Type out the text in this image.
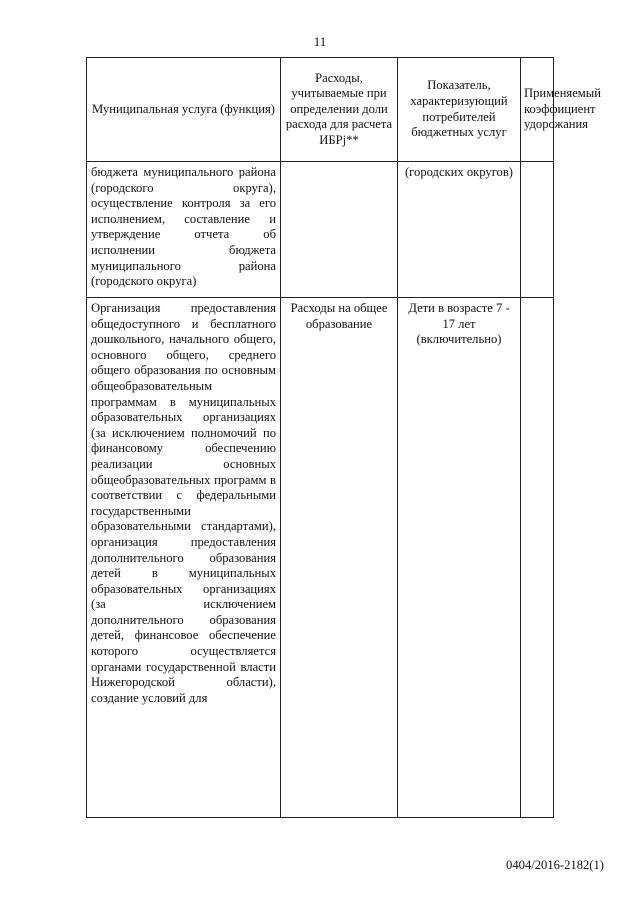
11
Муниципальная услуга (функция)	Расходы, учитываемые при определении доли расхода для расчета ИБРj**	Показатель, характеризующий потребителей бюджетных услуг	Применяемый коэффициент удорожания
бюджета муниципального района (городского округа), осуществление контроля за его исполнением, составление и утверждение отчета об исполнении бюджета муниципального района (городского округа)		(городских округов)	
Организация предоставления общедоступного и бесплатного дошкольного, начального общего, основного общего, среднего общего образования по основным общеобразовательным программам в муниципальных образовательных организациях (за исключением полномочий по финансовому обеспечению реализации основных общеобразовательных программ в соответствии с федеральными государственными образовательными стандартами), организация предоставления дополнительного образования детей в муниципальных образовательных организациях (за исключением дополнительного образования детей, финансовое обеспечение которого осуществляется органами государственной власти Нижегородской области), создание условий для	Расходы на общее образование	Дети в возрасте 7 - 17 лет (включительно)	
0404/2016-2182(1)
